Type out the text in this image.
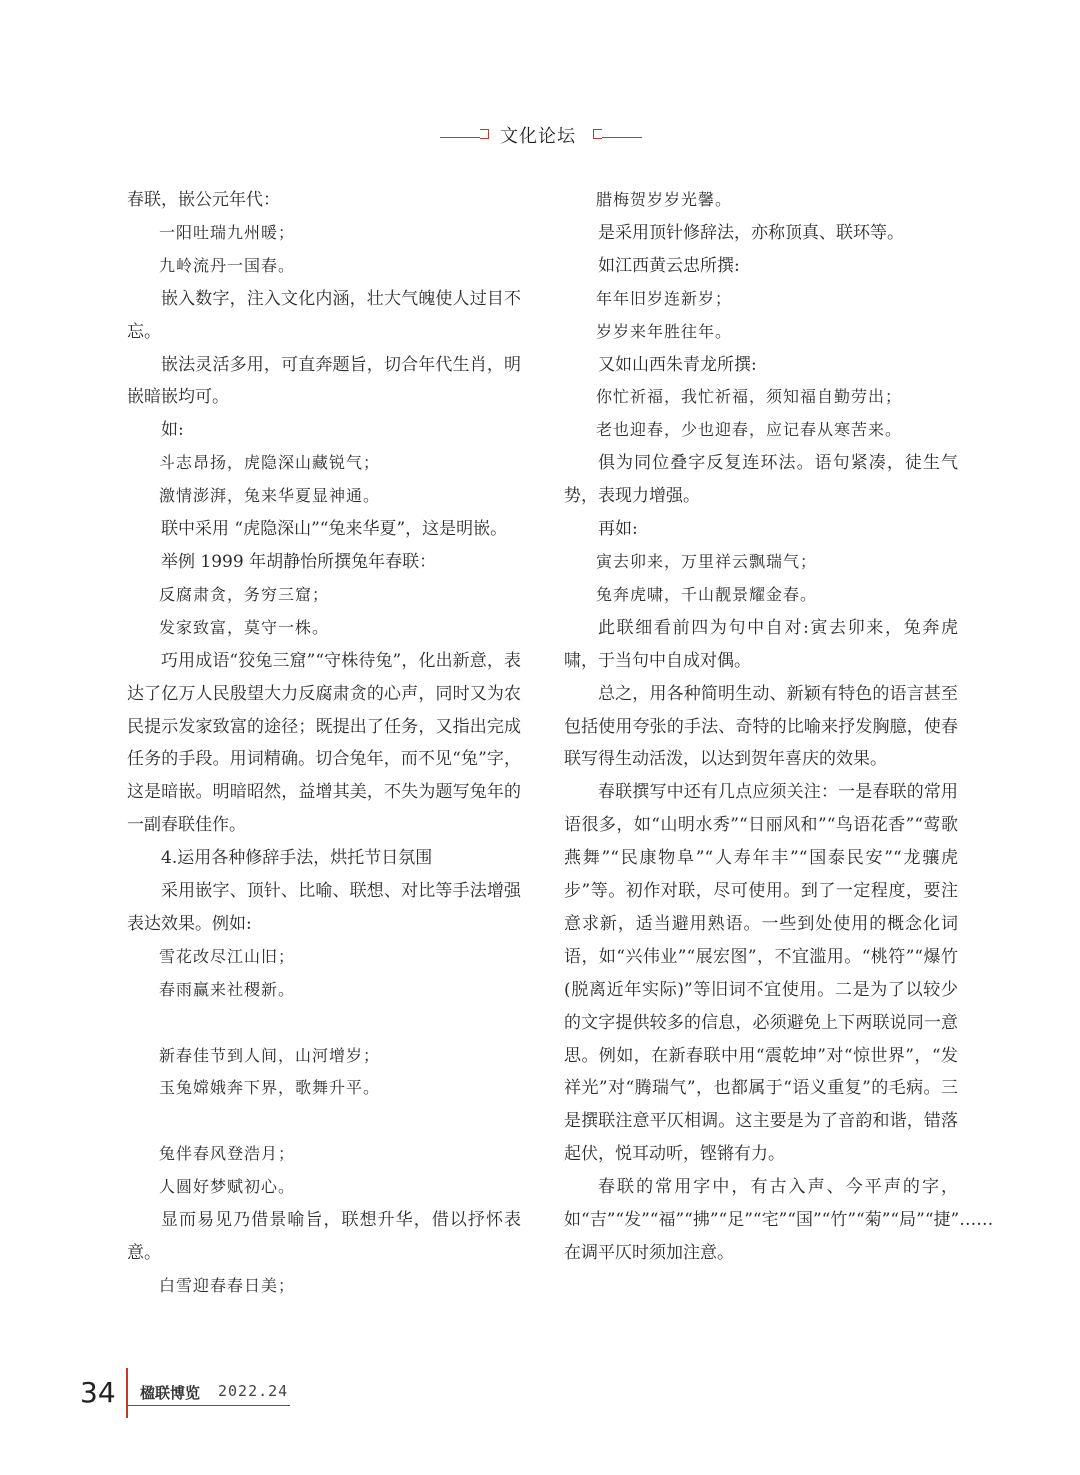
文化论坛

春联，嵌公元年代：

一阳吐瑞九州暖；

九岭流丹一国春。

嵌入数字，注入文化内涵，壮大气魄使人过目不忘。

嵌法灵活多用，可直奔题旨，切合年代生肖，明嵌暗嵌均可。

如:

斗志昂扬，虎隐深山藏锐气；

激情澎湃，兔来华夏显神通。

联中采用 “虎隐深山”“兔来华夏”，这是明嵌。

举例 1999 年胡静怡所撰兔年春联：

反腐肃贪，务穷三窟；

发家致富，莫守一株。

巧用成语“狡兔三窟”“守株待兔”，化出新意，表达了亿万人民殷望大力反腐肃贪的心声，同时又为农民提示发家致富的途径；既提出了任务，又指出完成任务的手段。用词精确。切合兔年，而不见“兔”字，这是暗嵌。明暗昭然，益增其美，不失为题写兔年的一副春联佳作。

4.运用各种修辞手法，烘托节日氛围

采用嵌字、顶针、比喻、联想、对比等手法增强表达效果。例如:

雪花改尽江山旧；

春雨赢来社稷新。

新春佳节到人间，山河增岁；

玉兔嫦娥奔下界，歌舞升平。

兔伴春风登浩月；

人圆好梦赋初心。

显而易见乃借景喻旨，联想升华，借以抒怀表意。

白雪迎春春日美；

腊梅贺岁岁光馨。

是采用顶针修辞法，亦称顶真、联环等。

如江西黄云忠所撰:

年年旧岁连新岁；

岁岁来年胜往年。

又如山西朱青龙所撰:

你忙祈福，我忙祈福，须知福自勤劳出；

老也迎春，少也迎春，应记春从寒苦来。

俱为同位叠字反复连环法。语句紧凑，徒生气势，表现力增强。

再如:

寅去卯来，万里祥云飘瑞气；

兔奔虎啸，千山靓景耀金春。

此联细看前四为句中自对:寅去卯来，兔奔虎啸，于当句中自成对偶。

总之，用各种简明生动、新颖有特色的语言甚至包括使用夸张的手法、奇特的比喻来抒发胸臆，使春联写得生动活泼，以达到贺年喜庆的效果。

春联撰写中还有几点应须关注：一是春联的常用语很多，如“山明水秀”“日丽风和”“鸟语花香”“莺歌燕舞”“民康物阜”“人寿年丰”“国泰民安”“龙骧虎步”等。初作对联，尽可使用。到了一定程度，要注意求新，适当避用熟语。一些到处使用的概念化词语，如“兴伟业”“展宏图”，不宜滥用。“桃符”“爆竹(脱离近年实际)”等旧词不宜使用。二是为了以较少的文字提供较多的信息，必须避免上下两联说同一意思。例如，在新春联中用“震乾坤”对“惊世界”，“发祥光”对“腾瑞气”，也都属于“语义重复”的毛病。三是撰联注意平仄相调。这主要是为了音韵和谐，错落起伏，悦耳动听，铿锵有力。

春联的常用字中，有古入声、今平声的字，如“吉”“发”“福”“拂”“足”“宅”“国”“竹”“菊”“局”“捷”……在调平仄时须加注意。

34 楹联博览 2022.24
